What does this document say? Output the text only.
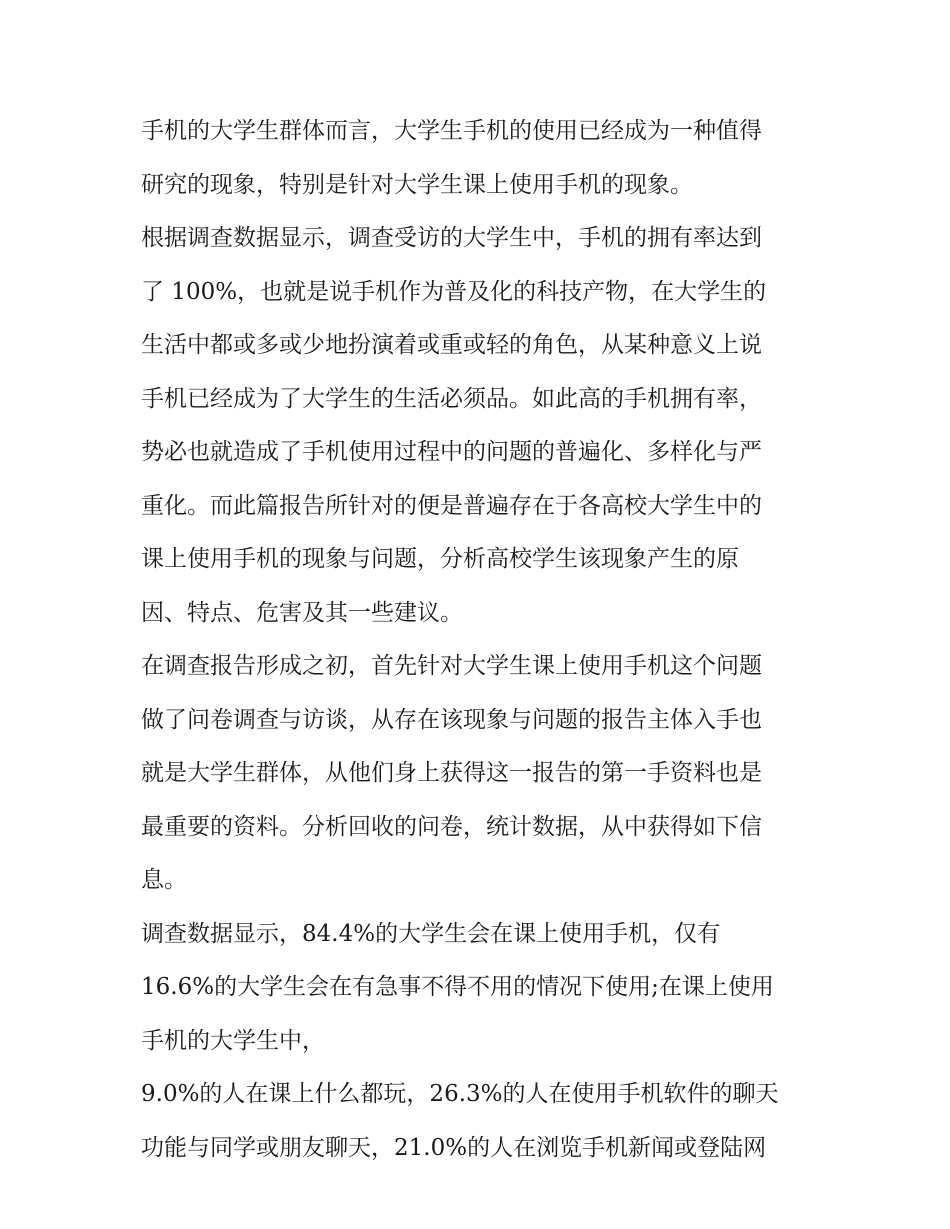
手机的大学生群体而言，大学生手机的使用已经成为一种值得
研究的现象，特别是针对大学生课上使用手机的现象。
根据调查数据显示，调查受访的大学生中，手机的拥有率达到
了 100%，也就是说手机作为普及化的科技产物，在大学生的
生活中都或多或少地扮演着或重或轻的角色，从某种意义上说
手机已经成为了大学生的生活必须品。如此高的手机拥有率，
势必也就造成了手机使用过程中的问题的普遍化、多样化与严
重化。而此篇报告所针对的便是普遍存在于各高校大学生中的
课上使用手机的现象与问题，分析高校学生该现象产生的原
因、特点、危害及其一些建议。
在调查报告形成之初，首先针对大学生课上使用手机这个问题
做了问卷调查与访谈，从存在该现象与问题的报告主体入手也
就是大学生群体，从他们身上获得这一报告的第一手资料也是
最重要的资料。分析回收的问卷，统计数据，从中获得如下信
息。
调查数据显示，84.4%的大学生会在课上使用手机，仅有
16.6%的大学生会在有急事不得不用的情况下使用;在课上使用
手机的大学生中，
9.0%的人在课上什么都玩，26.3%的人在使用手机软件的聊天
功能与同学或朋友聊天，21.0%的人在浏览手机新闻或登陆网
